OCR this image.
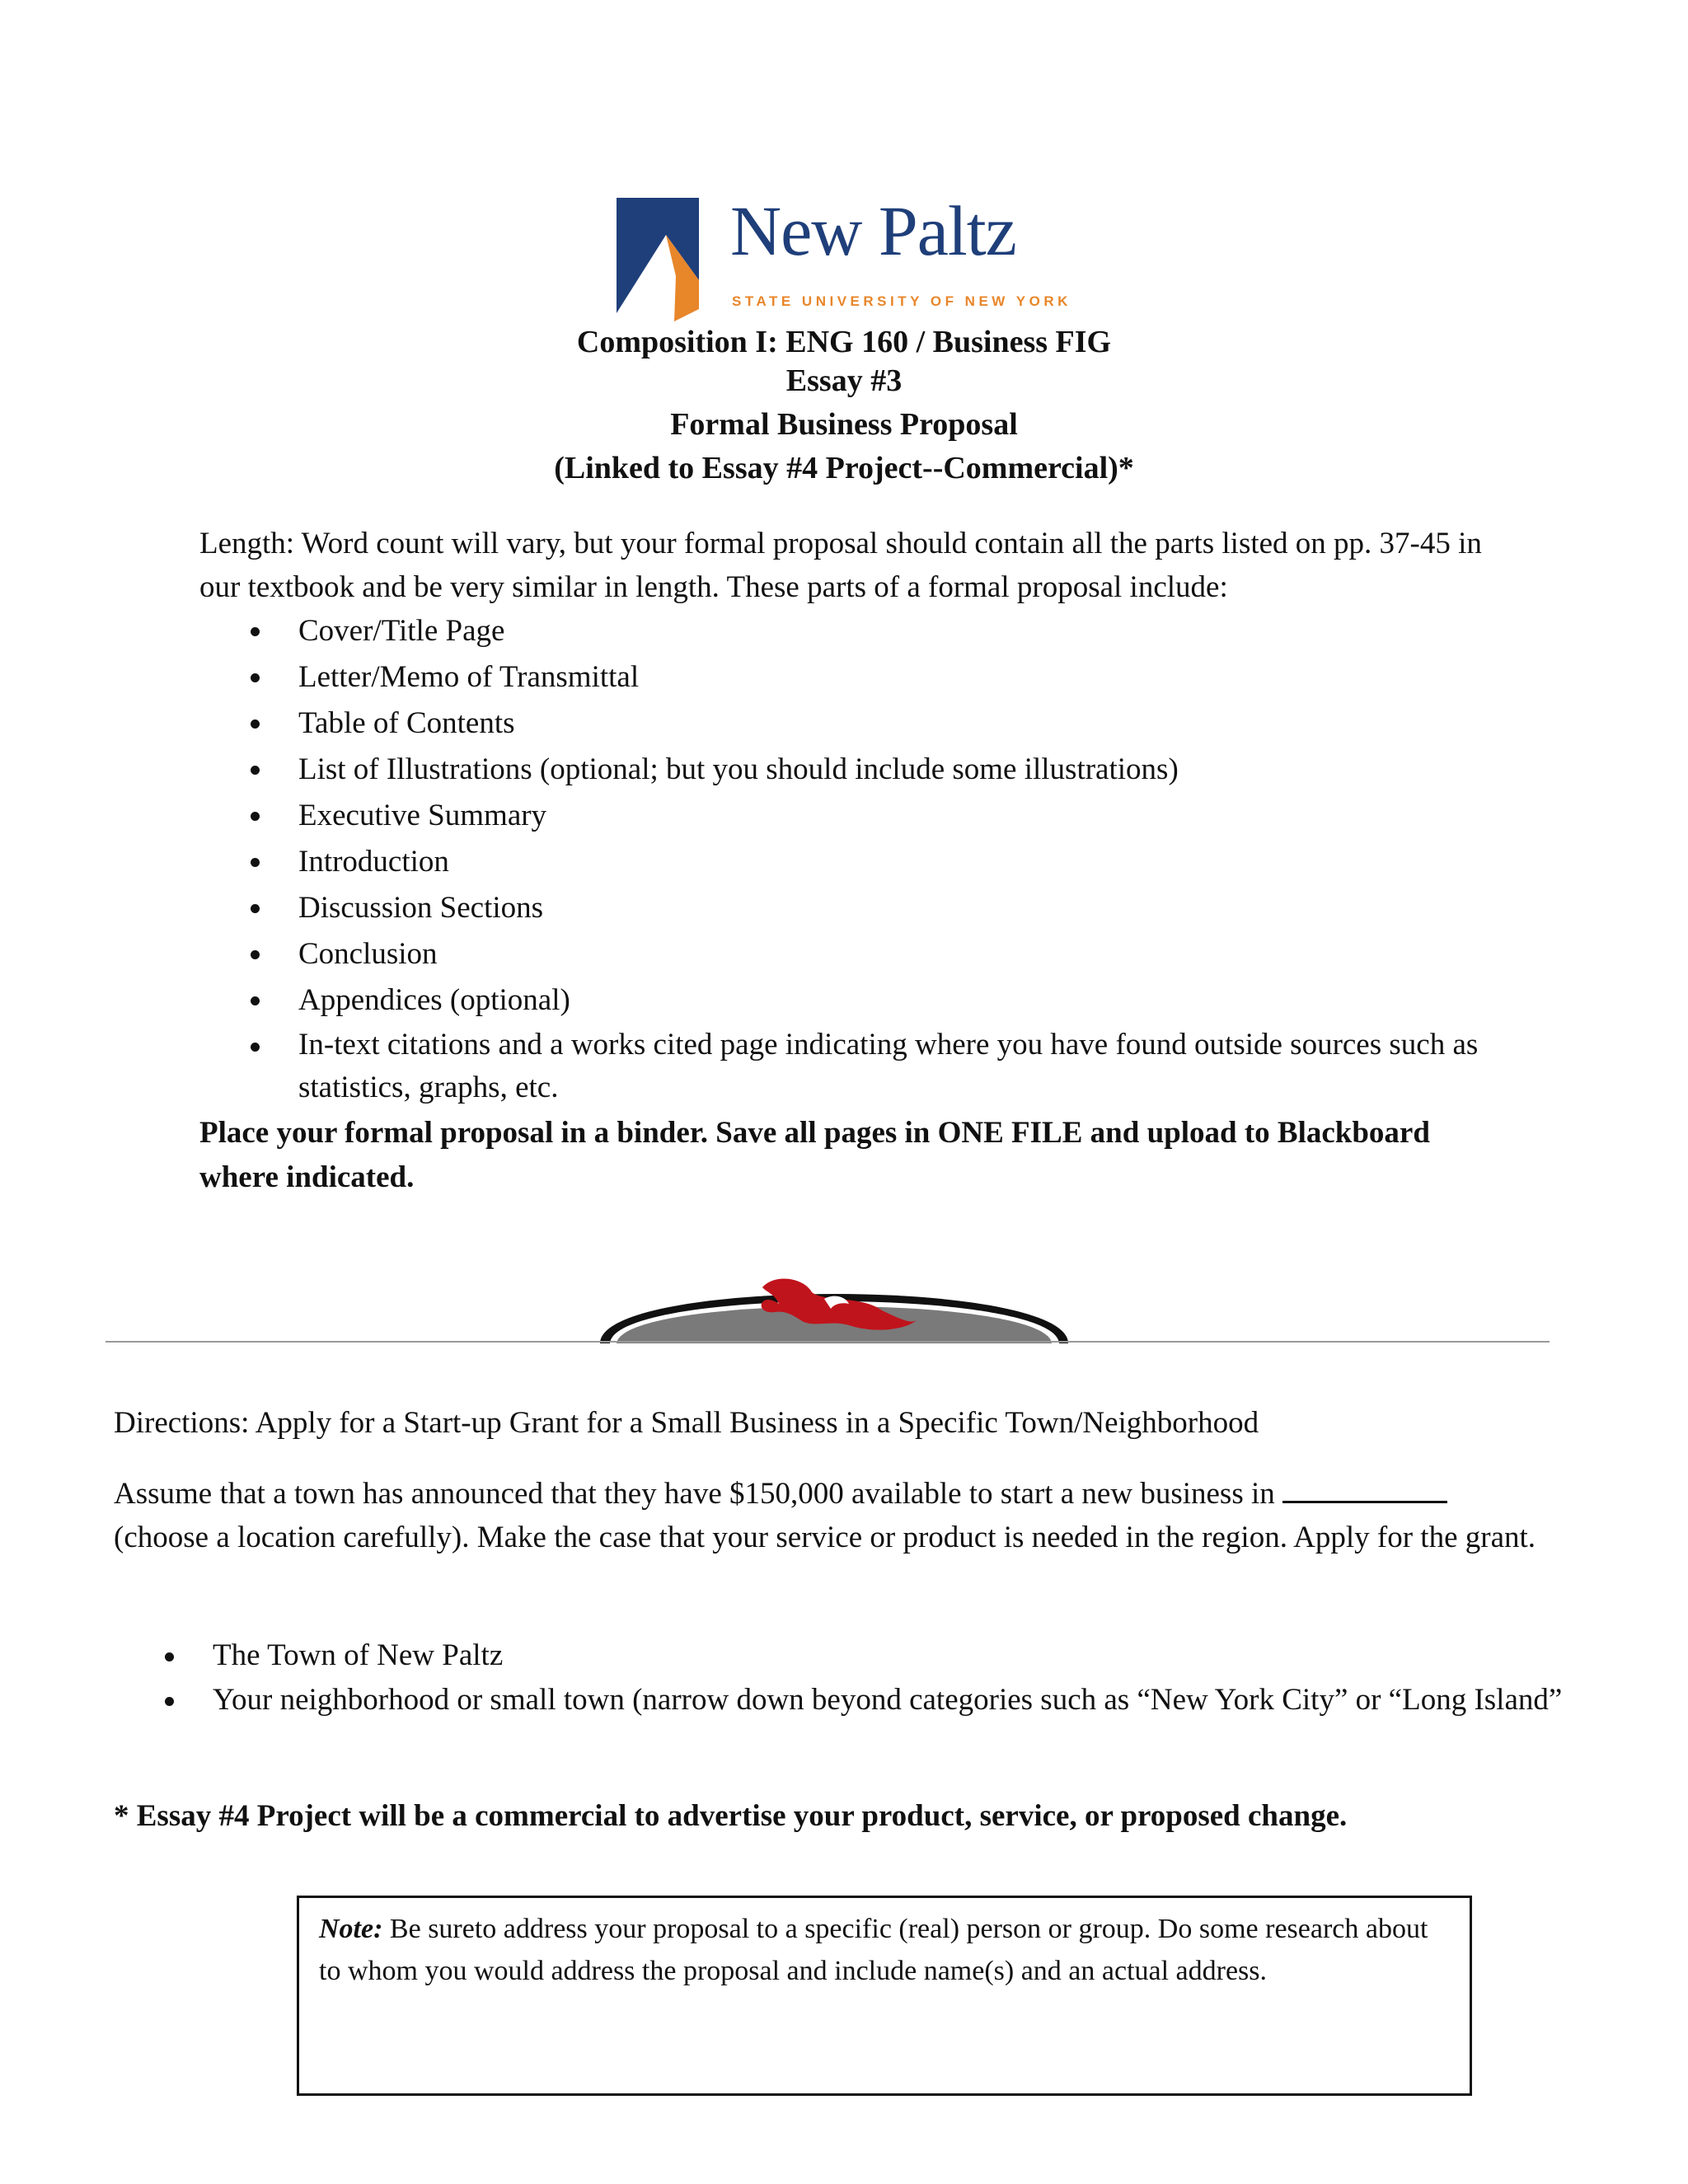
New Paltz
STATE UNIVERSITY OF NEW YORK
Composition I: ENG 160 / Business FIG
Essay #3
Formal Business Proposal
(Linked to Essay #4 Project--Commercial)*
Length: Word count will vary, but your formal proposal should contain all the parts listed on pp. 37-45 in our textbook and be very similar in length. These parts of a formal proposal include:
Cover/Title Page
Letter/Memo of Transmittal
Table of Contents
List of Illustrations (optional; but you should include some illustrations)
Executive Summary
Introduction
Discussion Sections
Conclusion
Appendices (optional)
In-text citations and a works cited page indicating where you have found outside sources such as statistics, graphs, etc.
Place your formal proposal in a binder. Save all pages in ONE FILE and upload to Blackboard where indicated.
Directions: Apply for a Start-up Grant for a Small Business in a Specific Town/Neighborhood
Assume that a town has announced that they have $150,000 available to start a new business in
(choose a location carefully). Make the case that your service or product is needed in the region. Apply for the grant.
The Town of New Paltz
Your neighborhood or small town (narrow down beyond categories such as “New York City” or “Long Island”
* Essay #4 Project will be a commercial to advertise your product, service, or proposed change.
Note: Be sureto address your proposal to a specific (real) person or group. Do some research about to whom you would address the proposal and include name(s) and an actual address.
